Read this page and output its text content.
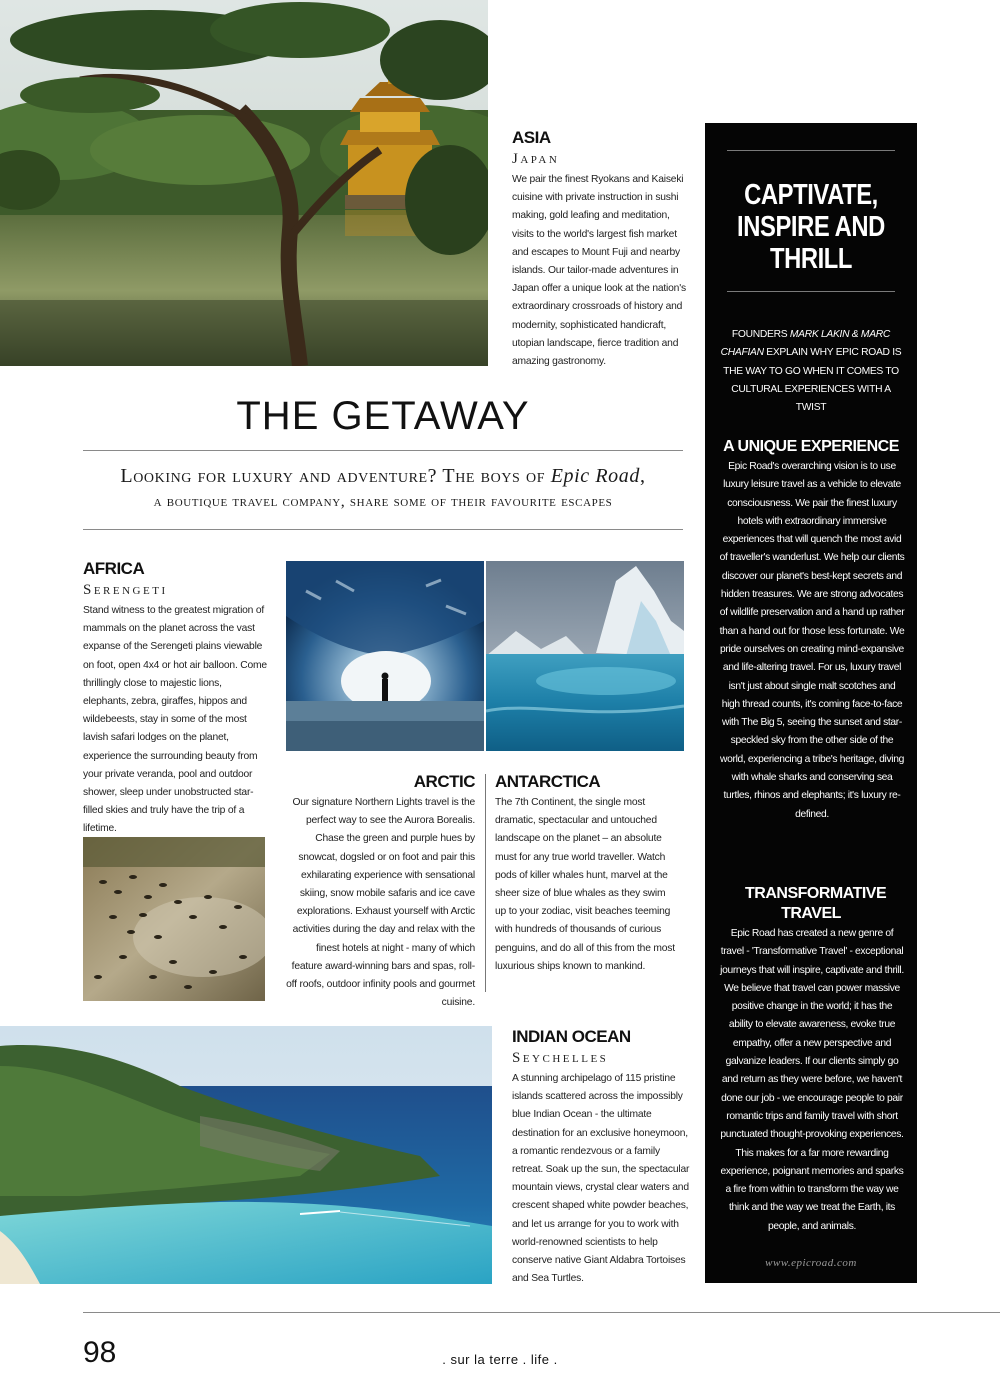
ASIA
Japan
We pair the finest Ryokans and Kaiseki cuisine with private instruction in sushi making, gold leafing and meditation, visits to the world's largest fish market and escapes to Mount Fuji and nearby islands. Our tailor-made adventures in Japan offer a unique look at the nation's extraordinary crossroads of history and modernity, sophisticated handicraft, utopian landscape, fierce tradition and amazing gastronomy.
THE GETAWAY
Looking for luxury and adventure? The boys of Epic Road,
a boutique travel company, share some of their favourite escapes
AFRICA
Serengeti
Stand witness to the greatest migration of mammals on the planet across the vast expanse of the Serengeti plains viewable on foot, open 4x4 or hot air balloon. Come thrillingly close to majestic lions, elephants, zebra, giraffes, hippos and wildebeests, stay in some of the most lavish safari lodges on the planet, experience the surrounding beauty from your private veranda, pool and outdoor shower, sleep under unobstructed star-filled skies and truly have the trip of a lifetime.
ARCTIC
Our signature Northern Lights travel is the perfect way to see the Aurora Borealis. Chase the green and purple hues by snowcat, dogsled or on foot and pair this exhilarating experience with sensational skiing, snow mobile safaris and ice cave explorations. Exhaust yourself with Arctic activities during the day and relax with the finest hotels at night - many of which feature award-winning bars and spas, roll-off roofs, outdoor infinity pools and gourmet cuisine.
ANTARCTICA
The 7th Continent, the single most dramatic, spectacular and untouched landscape on the planet – an absolute must for any true world traveller. Watch pods of killer whales hunt, marvel at the sheer size of blue whales as they swim up to your zodiac, visit beaches teeming with hundreds of thousands of curious penguins, and do all of this from the most luxurious ships known to mankind.
INDIAN OCEAN
Seychelles
A stunning archipelago of 115 pristine islands scattered across the impossibly blue Indian Ocean - the ultimate destination for an exclusive honeymoon, a romantic rendezvous or a family retreat. Soak up the sun, the spectacular mountain views, crystal clear waters and crescent shaped white powder beaches, and let us arrange for you to work with world-renowned scientists to help conserve native Giant Aldabra Tortoises and Sea Turtles.
CAPTIVATE, INSPIRE AND THRILL
FOUNDERS MARK LAKIN & MARC CHAFIAN EXPLAIN WHY EPIC ROAD IS THE WAY TO GO WHEN IT COMES TO CULTURAL EXPERIENCES WITH A TWIST
A UNIQUE EXPERIENCE
Epic Road's overarching vision is to use luxury leisure travel as a vehicle to elevate consciousness. We pair the finest luxury hotels with extraordinary immersive experiences that will quench the most avid of traveller's wanderlust. We help our clients discover our planet's best-kept secrets and hidden treasures. We are strong advocates of wildlife preservation and a hand up rather than a hand out for those less fortunate. We pride ourselves on creating mind-expansive and life-altering travel. For us, luxury travel isn't just about single malt scotches and high thread counts, it's coming face-to-face with The Big 5, seeing the sunset and star-speckled sky from the other side of the world, experiencing a tribe's heritage, diving with whale sharks and conserving sea turtles, rhinos and elephants; it's luxury re-defined.
TRANSFORMATIVE TRAVEL
Epic Road has created a new genre of travel - 'Transformative Travel' - exceptional journeys that will inspire, captivate and thrill. We believe that travel can power massive positive change in the world; it has the ability to elevate awareness, evoke true empathy, offer a new perspective and galvanize leaders. If our clients simply go and return as they were before, we haven't done our job - we encourage people to pair romantic trips and family travel with short punctuated thought-provoking experiences. This makes for a far more rewarding experience, poignant memories and sparks a fire from within to transform the way we think and the way we treat the Earth, its people, and animals.
www.epicroad.com
98	. sur la terre . life .
